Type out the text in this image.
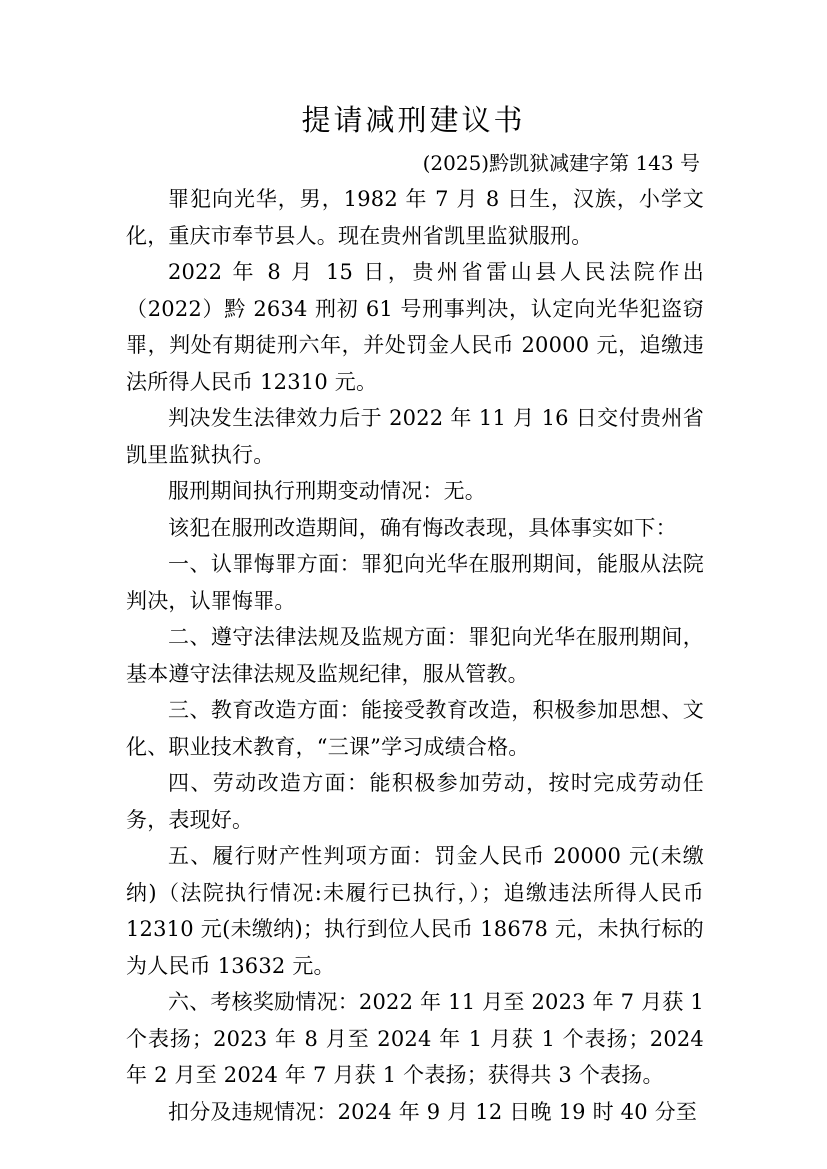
提请减刑建议书
(2025)黔凯狱减建字第 143 号

罪犯向光华，男，1982 年 7 月 8 日生，汉族，小学文化，重庆市奉节县人。现在贵州省凯里监狱服刑。

2022 年 8 月 15 日，贵州省雷山县人民法院作出（2022）黔 2634 刑初 61 号刑事判决，认定向光华犯盗窃罪，判处有期徒刑六年，并处罚金人民币 20000 元，追缴违法所得人民币 12310 元。

判决发生法律效力后于 2022 年 11 月 16 日交付贵州省凯里监狱执行。

服刑期间执行刑期变动情况：无。

该犯在服刑改造期间，确有悔改表现，具体事实如下：

一、认罪悔罪方面：罪犯向光华在服刑期间，能服从法院判决，认罪悔罪。

二、遵守法律法规及监规方面：罪犯向光华在服刑期间，基本遵守法律法规及监规纪律，服从管教。

三、教育改造方面：能接受教育改造，积极参加思想、文化、职业技术教育，“三课”学习成绩合格。

四、劳动改造方面：能积极参加劳动，按时完成劳动任务，表现好。

五、履行财产性判项方面：罚金人民币 20000 元(未缴纳)（法院执行情况:未履行已执行，）；追缴违法所得人民币 12310 元(未缴纳)；执行到位人民币 18678 元，未执行标的为人民币 13632 元。

六、考核奖励情况：2022 年 11 月至 2023 年 7 月获 1 个表扬；2023 年 8 月至 2024 年 1 月获 1 个表扬；2024 年 2 月至 2024 年 7 月获 1 个表扬；获得共 3 个表扬。

扣分及违规情况：2024 年 9 月 12 日晚 19 时 40 分至
